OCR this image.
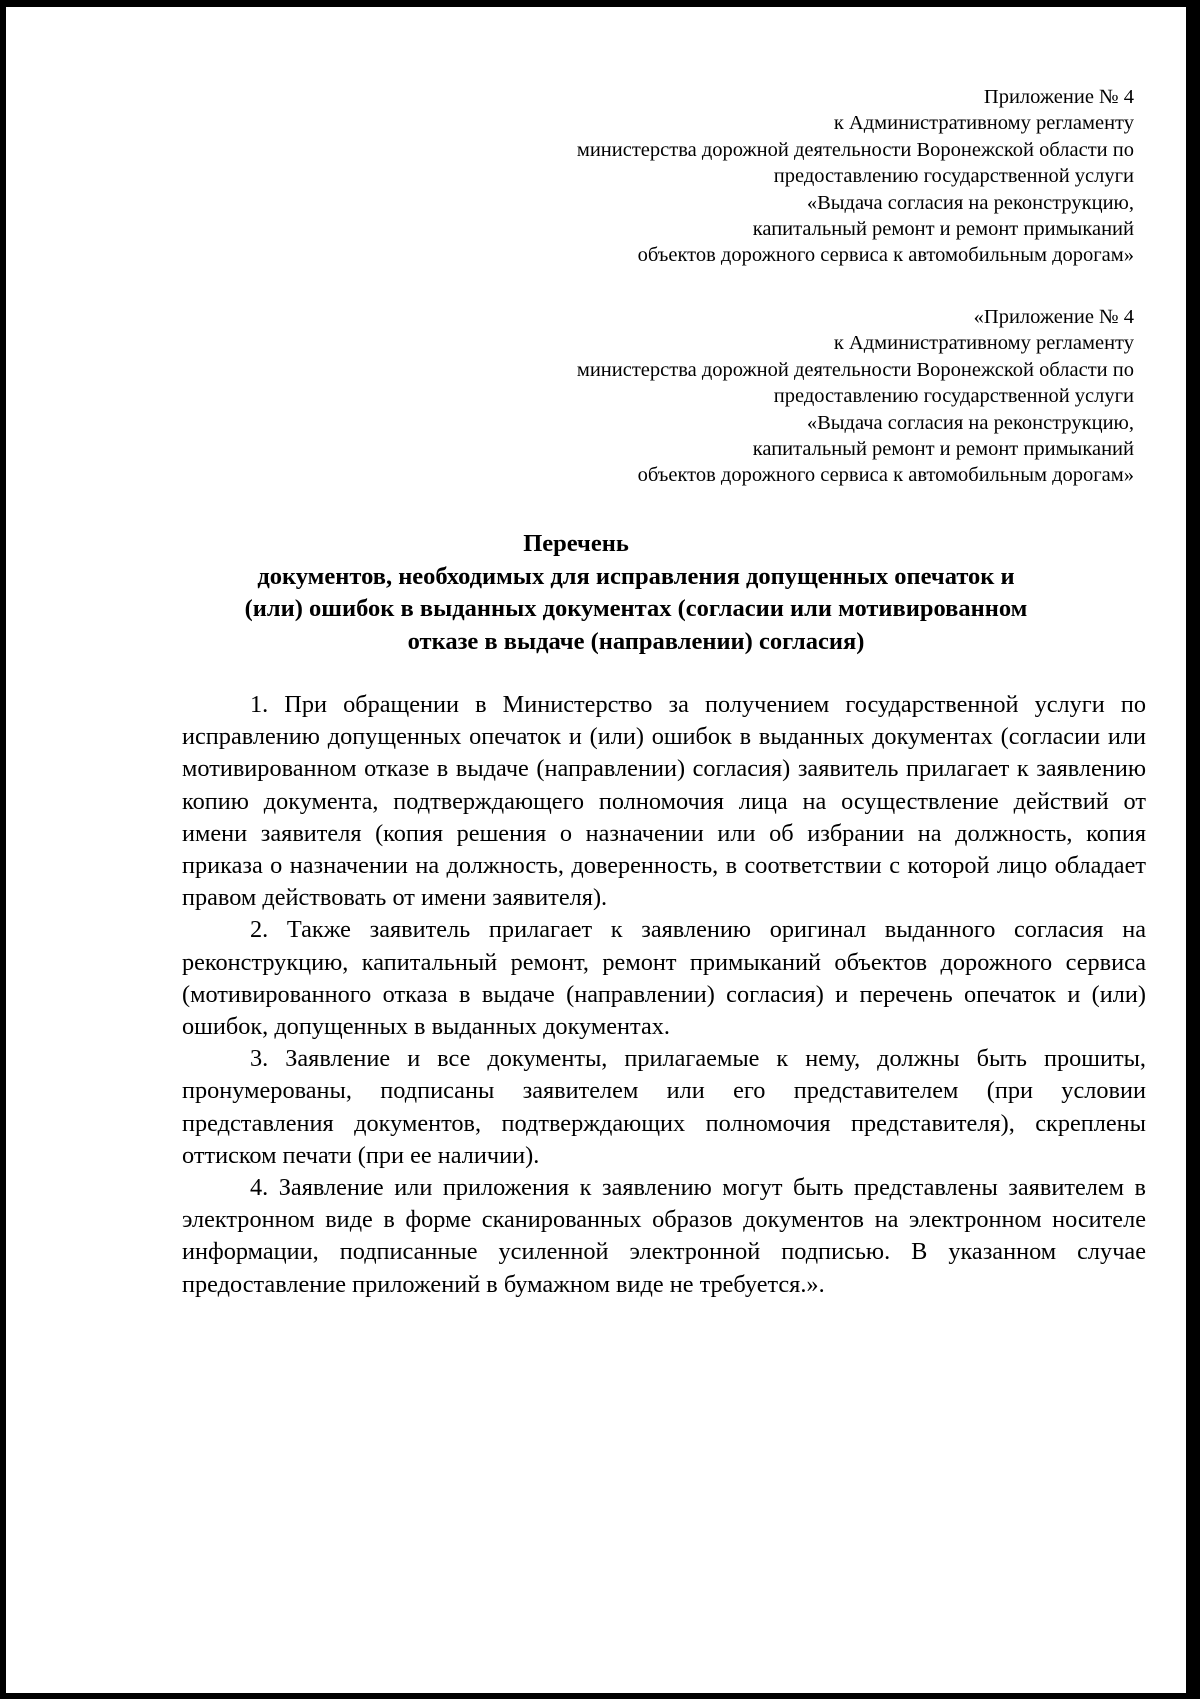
Приложение № 4
к Административному регламенту
министерства дорожной деятельности Воронежской области по
предоставлению государственной услуги
«Выдача согласия на реконструкцию,
капитальный ремонт и ремонт примыканий
объектов дорожного сервиса к автомобильным дорогам»
«Приложение № 4
к Административному регламенту
министерства дорожной деятельности Воронежской области по
предоставлению государственной услуги
«Выдача согласия на реконструкцию,
капитальный ремонт и ремонт примыканий
объектов дорожного сервиса к автомобильным дорогам»
Перечень
документов, необходимых для исправления допущенных опечаток и
(или) ошибок в выданных документах (согласии или мотивированном
отказе в выдаче (направлении) согласия)

1. При обращении в Министерство за получением государственной услуги по исправлению допущенных опечаток и (или) ошибок в выданных документах (согласии или мотивированном отказе в выдаче (направлении) согласия) заявитель прилагает к заявлению копию документа, подтверждающего полномочия лица на осуществление действий от имени заявителя (копия решения о назначении или об избрании на должность, копия приказа о назначении на должность, доверенность, в соответствии с которой лицо обладает правом действовать от имени заявителя).

2. Также заявитель прилагает к заявлению оригинал выданного согласия на реконструкцию, капитальный ремонт, ремонт примыканий объектов дорожного сервиса (мотивированного отказа в выдаче (направлении) согласия) и перечень опечаток и (или) ошибок, допущенных в выданных документах.

3. Заявление и все документы, прилагаемые к нему, должны быть прошиты, пронумерованы, подписаны заявителем или его представителем (при условии представления документов, подтверждающих полномочия представителя), скреплены оттиском печати (при ее наличии).

4. Заявление или приложения к заявлению могут быть представлены заявителем в электронном виде в форме сканированных образов документов на электронном носителе информации, подписанные усиленной электронной подписью. В указанном случае предоставление приложений в бумажном виде не требуется.».
